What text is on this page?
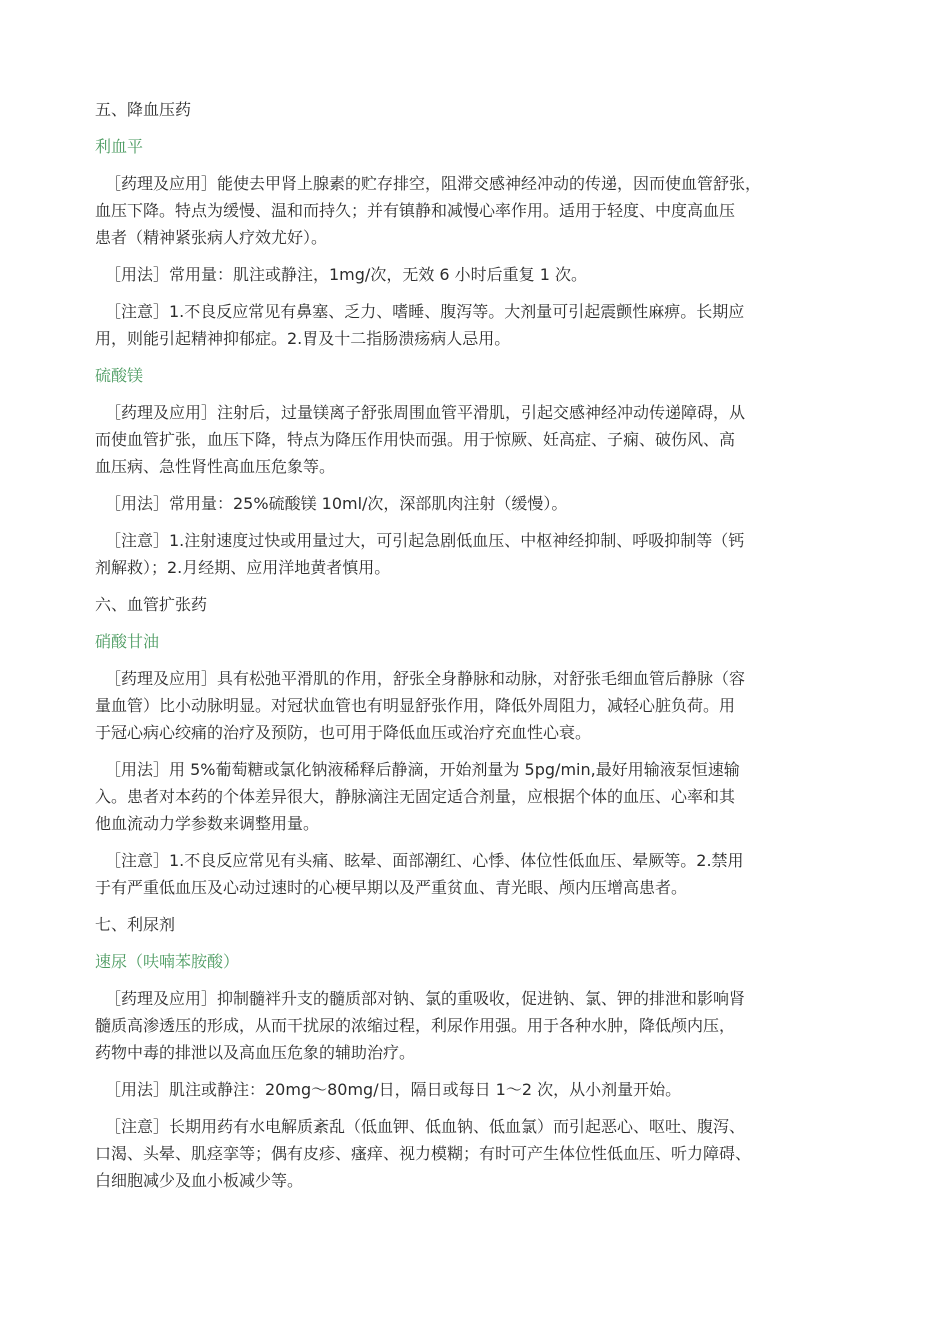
五、降血压药

利血平

［药理及应用］能使去甲肾上腺素的贮存排空，阻滞交感神经冲动的传递，因而使血管舒张，

血压下降。特点为缓慢、温和而持久；并有镇静和减慢心率作用。适用于轻度、中度高血压

患者（精神紧张病人疗效尤好）。

［用法］常用量：肌注或静注，1mg/次，无效 6 小时后重复 1 次。

［注意］1.不良反应常见有鼻塞、乏力、嗜睡、腹泻等。大剂量可引起震颤性麻痹。长期应

用，则能引起精神抑郁症。2.胃及十二指肠溃疡病人忌用。

硫酸镁

［药理及应用］注射后，过量镁离子舒张周围血管平滑肌，引起交感神经冲动传递障碍，从

而使血管扩张，血压下降，特点为降压作用快而强。用于惊厥、妊高症、子痫、破伤风、高

血压病、急性肾性高血压危象等。

［用法］常用量：25%硫酸镁 10ml/次，深部肌肉注射（缓慢）。

［注意］1.注射速度过快或用量过大，可引起急剧低血压、中枢神经抑制、呼吸抑制等（钙

剂解救）；2.月经期、应用洋地黄者慎用。

六、血管扩张药

硝酸甘油

［药理及应用］具有松弛平滑肌的作用，舒张全身静脉和动脉，对舒张毛细血管后静脉（容

量血管）比小动脉明显。对冠状血管也有明显舒张作用，降低外周阻力，减轻心脏负荷。用

于冠心病心绞痛的治疗及预防，也可用于降低血压或治疗充血性心衰。

［用法］用 5%葡萄糖或氯化钠液稀释后静滴，开始剂量为 5pg/min,最好用输液泵恒速输

入。患者对本药的个体差异很大，静脉滴注无固定适合剂量，应根据个体的血压、心率和其

他血流动力学参数来调整用量。

［注意］1.不良反应常见有头痛、眩晕、面部潮红、心悸、体位性低血压、晕厥等。2.禁用

于有严重低血压及心动过速时的心梗早期以及严重贫血、青光眼、颅内压增高患者。

七、利尿剂

速尿（呋喃苯胺酸）

［药理及应用］抑制髓袢升支的髓质部对钠、氯的重吸收，促进钠、氯、钾的排泄和影响肾

髓质高渗透压的形成，从而干扰尿的浓缩过程，利尿作用强。用于各种水肿，降低颅内压，

药物中毒的排泄以及高血压危象的辅助治疗。

［用法］肌注或静注：20mg～80mg/日，隔日或每日 1～2 次，从小剂量开始。

［注意］长期用药有水电解质紊乱（低血钾、低血钠、低血氯）而引起恶心、呕吐、腹泻、

口渴、头晕、肌痉挛等；偶有皮疹、瘙痒、视力模糊；有时可产生体位性低血压、听力障碍、

白细胞减少及血小板减少等。
